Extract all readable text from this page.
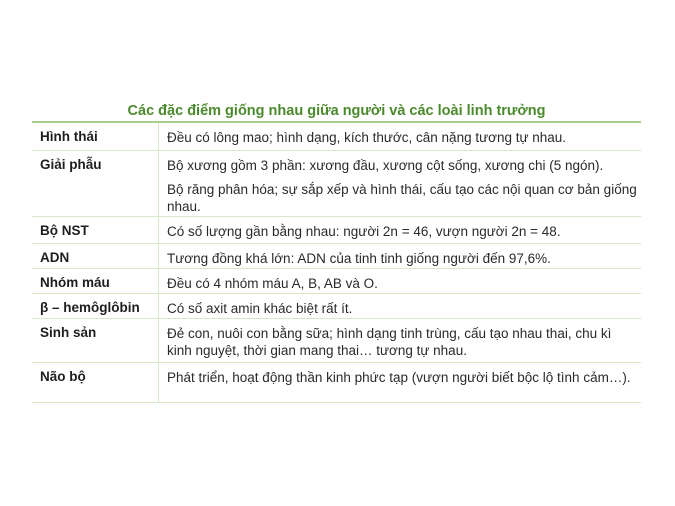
Các đặc điểm giống nhau giữa người và các loài linh trưởng
Hình thái	Đều có lông mao; hình dạng, kích thước, cân nặng tương tự nhau.
Giải phẫu	Bộ xương gồm 3 phần: xương đầu, xương cột sống, xương chi (5 ngón).
Bộ răng phân hóa; sự sắp xếp và hình thái, cấu tạo các nội quan cơ bản giống nhau.
Bộ NST	Có số lượng gần bằng nhau: người 2n = 46, vượn người 2n = 48.
ADN	Tương đồng khá lớn: ADN của tinh tinh giống người đến 97,6%.
Nhóm máu	Đều có 4 nhóm máu A, B, AB và O.
β – hemôglôbin	Có số axit amin khác biệt rất ít.
Sinh sản	Đẻ con, nuôi con bằng sữa; hình dạng tinh trùng, cấu tạo nhau thai, chu kì kinh nguyệt, thời gian mang thai… tương tự nhau.
Não bộ	Phát triển, hoạt động thần kinh phức tạp (vượn người biết bộc lộ tình cảm…).
